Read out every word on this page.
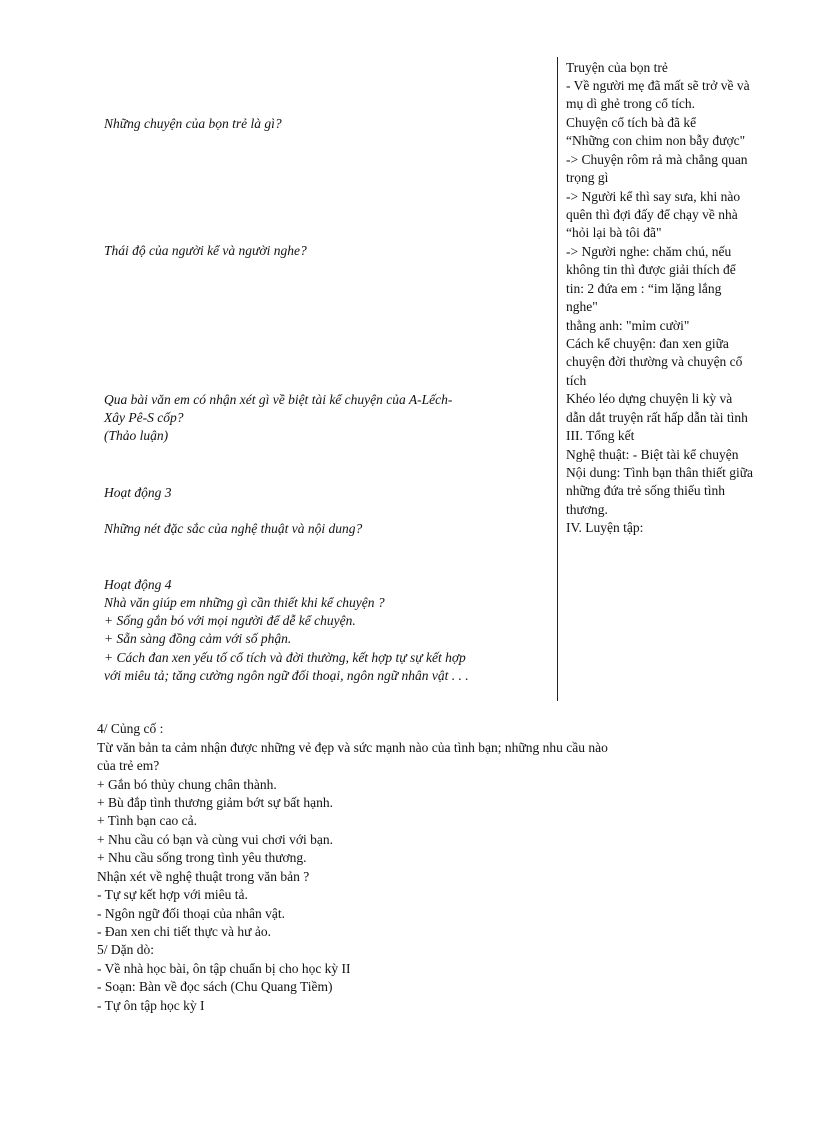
Những chuyện của bọn trẻ là gì?
Thái độ của người kể và người nghe?
Qua bài văn em có nhận xét gì về biệt tài kể chuyện của A-Lếch-
Xây Pê-S cốp?
(Thảo luận)
Hoạt động 3
Những nét đặc sắc của nghệ thuật và nội dung?
Hoạt động 4
Nhà văn giúp em những gì cần thiết khi kể chuyện ?
+ Sống gắn bó với mọi người để dễ kể chuyện.
+ Sẵn sàng đồng cảm với số phận.
+ Cách đan xen yếu tố cổ tích và đời thường, kết hợp tự sự kết hợp
với miêu tả; tăng cường ngôn ngữ đối thoại, ngôn ngữ nhân vật . . .
Truyện của bọn trẻ
- Về người mẹ đã mất sẽ trở về và
mụ dì ghẻ trong cổ tích.
Chuyện cổ tích bà đã kể
“Những con chim non bẫy được"
-> Chuyện rôm rả mà chẳng quan
trọng gì
-> Người kể thì say sưa, khi nào
quên thì đợi đấy để chạy về nhà
“hỏi lại bà tôi đã"
-> Người nghe: chăm chú, nếu
không tin thì được giải thích để
tin: 2 đứa em : “im lặng lắng
nghe"
thằng anh: "mỉm cười"
Cách kể chuyện: đan xen giữa
chuyện đời thường và chuyện cổ
tích
Khéo léo dựng chuyện li kỳ và
dẫn dắt truyện rất hấp dẫn tài tình
III. Tổng kết
Nghệ thuật: - Biệt tài kể chuyện
Nội dung: Tình bạn thân thiết giữa
những đứa trẻ sống thiếu tình
thương.
IV. Luyện tập:
4/ Củng cố :
Từ văn bản ta cảm nhận được những vẻ đẹp và sức mạnh nào của tình bạn; những nhu cầu nào
của trẻ em?
+ Gắn bó thủy chung chân thành.
+ Bù đắp tình thương giảm bớt sự bất hạnh.
+ Tình bạn cao cả.
+ Nhu cầu có bạn và cùng vui chơi với bạn.
+ Nhu cầu sống trong tình yêu thương.
Nhận xét về nghệ thuật trong văn bản ?
- Tự sự kết hợp với miêu tả.
- Ngôn ngữ đối thoại của nhân vật.
- Đan xen chi tiết thực và hư ảo.
5/ Dặn dò:
- Về nhà học bài, ôn tập chuẩn bị cho học kỳ II
- Soạn: Bàn về đọc sách (Chu Quang Tiềm)
- Tự ôn tập học kỳ I
